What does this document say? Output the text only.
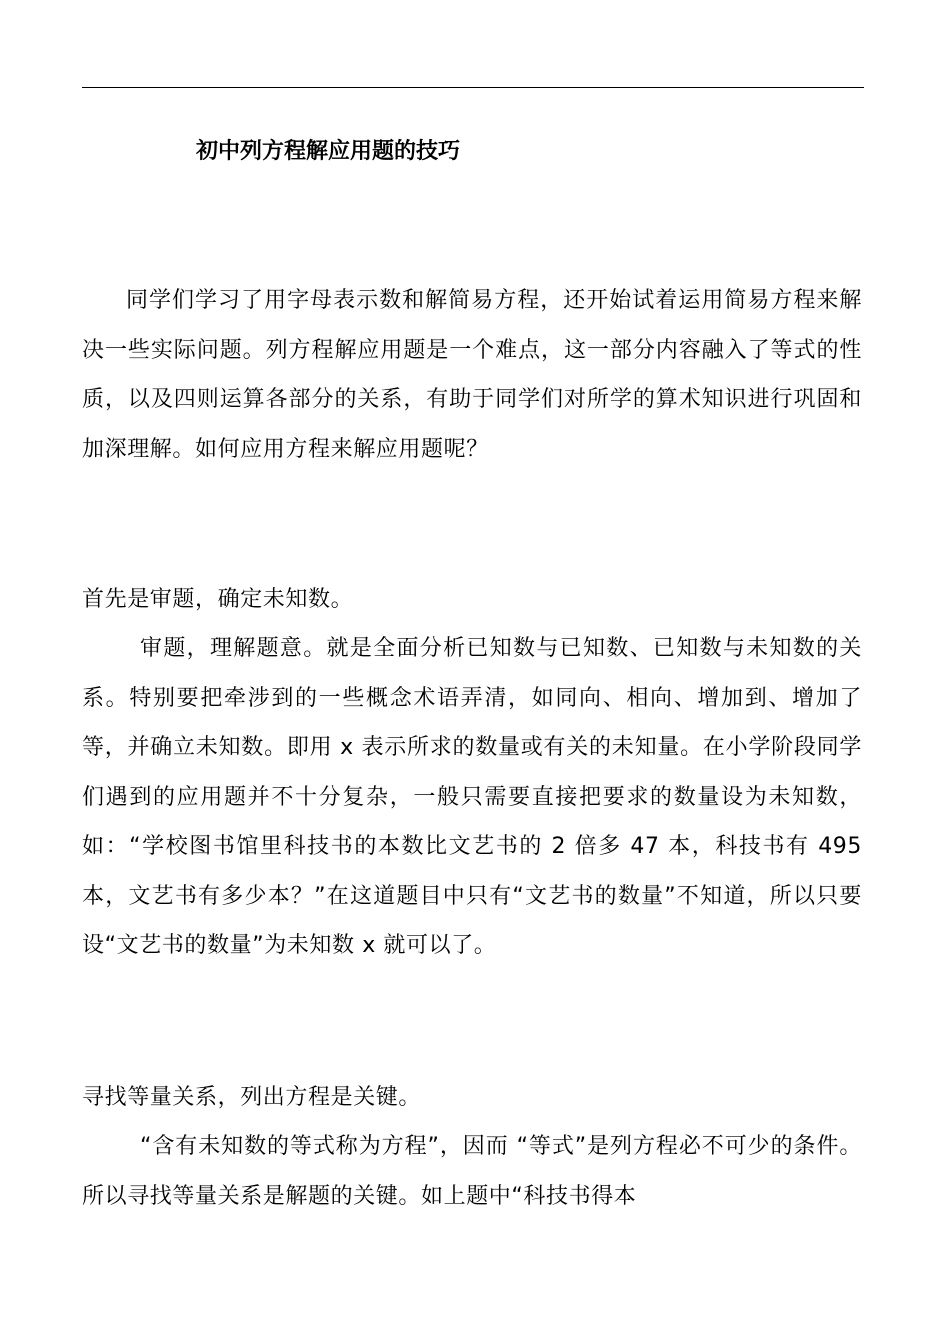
初中列方程解应用题的技巧

同学们学习了用字母表示数和解简易方程，还开始试着运用简易方程来解决一些实际问题。列方程解应用题是一个难点，这一部分内容融入了等式的性质，以及四则运算各部分的关系，有助于同学们对所学的算术知识进行巩固和加深理解。如何应用方程来解应用题呢？

首先是审题，确定未知数。

审题，理解题意。就是全面分析已知数与已知数、已知数与未知数的关系。特别要把牵涉到的一些概念术语弄清，如同向、相向、增加到、增加了等，并确立未知数。即用 x 表示所求的数量或有关的未知量。在小学阶段同学们遇到的应用题并不十分复杂，一般只需要直接把要求的数量设为未知数，如：“学校图书馆里科技书的本数比文艺书的 2 倍多 47 本，科技书有 495 本，文艺书有多少本？”在这道题目中只有“文艺书的数量”不知道，所以只要设“文艺书的数量”为未知数 x 就可以了。

寻找等量关系，列出方程是关键。

“含有未知数的等式称为方程”，因而 “等式”是列方程必不可少的条件。所以寻找等量关系是解题的关键。如上题中“科技书得本
